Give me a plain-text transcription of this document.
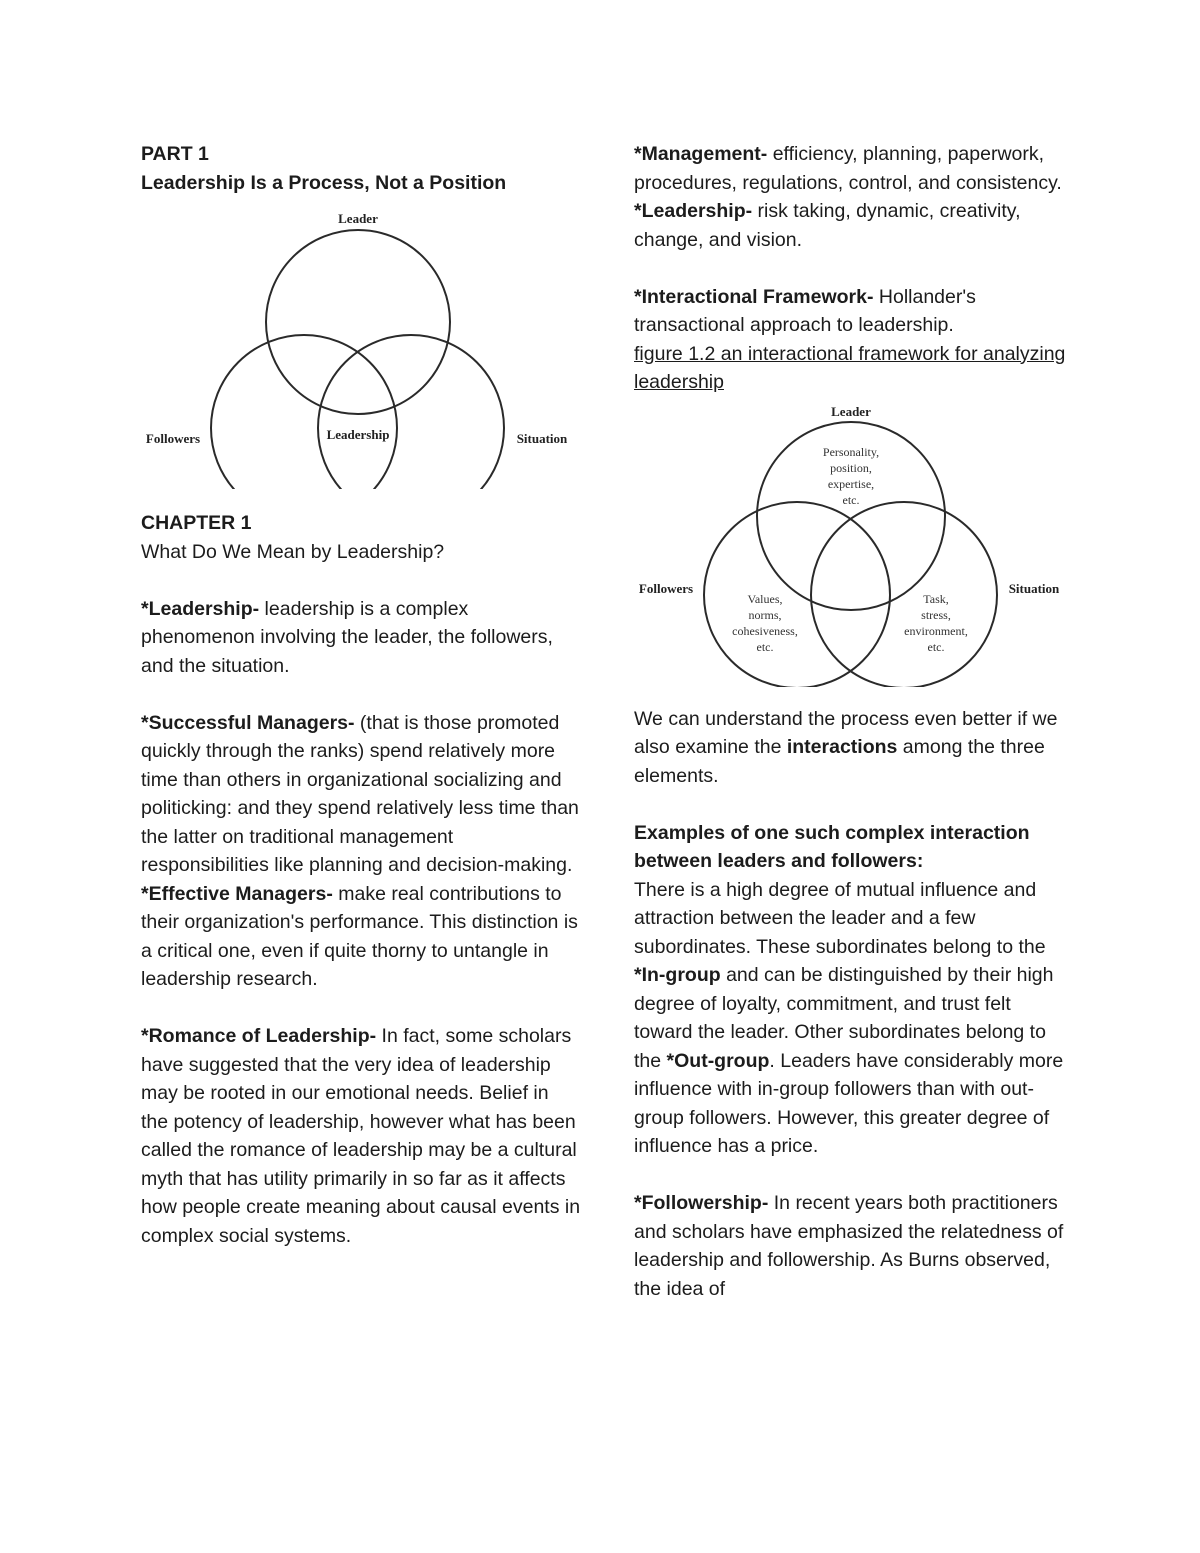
PART 1

Leadership Is a Process, Not a Position

Leader
Followers	Situation
Leadership

CHAPTER 1

What Do We Mean by Leadership?

*Leadership- leadership is a complex phenomenon involving the leader, the followers, and the situation.

*Successful Managers- (that is those promoted quickly through the ranks) spend relatively more time than others in organizational socializing and politicking: and they spend relatively less time than the latter on traditional management responsibilities like planning and decision-making.

*Effective Managers- make real contributions to their organization's performance. This distinction is a critical one, even if quite thorny to untangle in leadership research.

*Romance of Leadership- In fact, some scholars have suggested that the very idea of leadership may be rooted in our emotional needs. Belief in the potency of leadership, however what has been called the romance of leadership may be a cultural myth that has utility primarily in so far as it affects how people create meaning about causal events in complex social systems.

*Management- efficiency, planning, paperwork, procedures, regulations, control, and consistency.  *Leadership- risk taking, dynamic, creativity, change, and vision.

*Interactional Framework- Hollander's transactional approach to leadership.

figure 1.2 an interactional framework for analyzing leadership

Leader
Followers	Situation
Personality,
position,
expertise,
etc.
Values,
norms,
cohesiveness,
etc.
Task,
stress,
environment,
etc.

We can understand the process even better if we also examine the interactions among the three elements.

Examples of one such complex interaction between leaders and followers:

There is a high degree of mutual influence and attraction between the leader and a few subordinates. These subordinates belong to the *In-group and can be distinguished by their high degree of loyalty, commitment, and trust felt toward the leader. Other subordinates belong to the *Out-group. Leaders have considerably more influence with in-group followers than with out-group followers. However, this greater degree of influence has a price.

*Followership- In recent years both practitioners and scholars have emphasized the relatedness of leadership and followership. As Burns observed, the idea of
